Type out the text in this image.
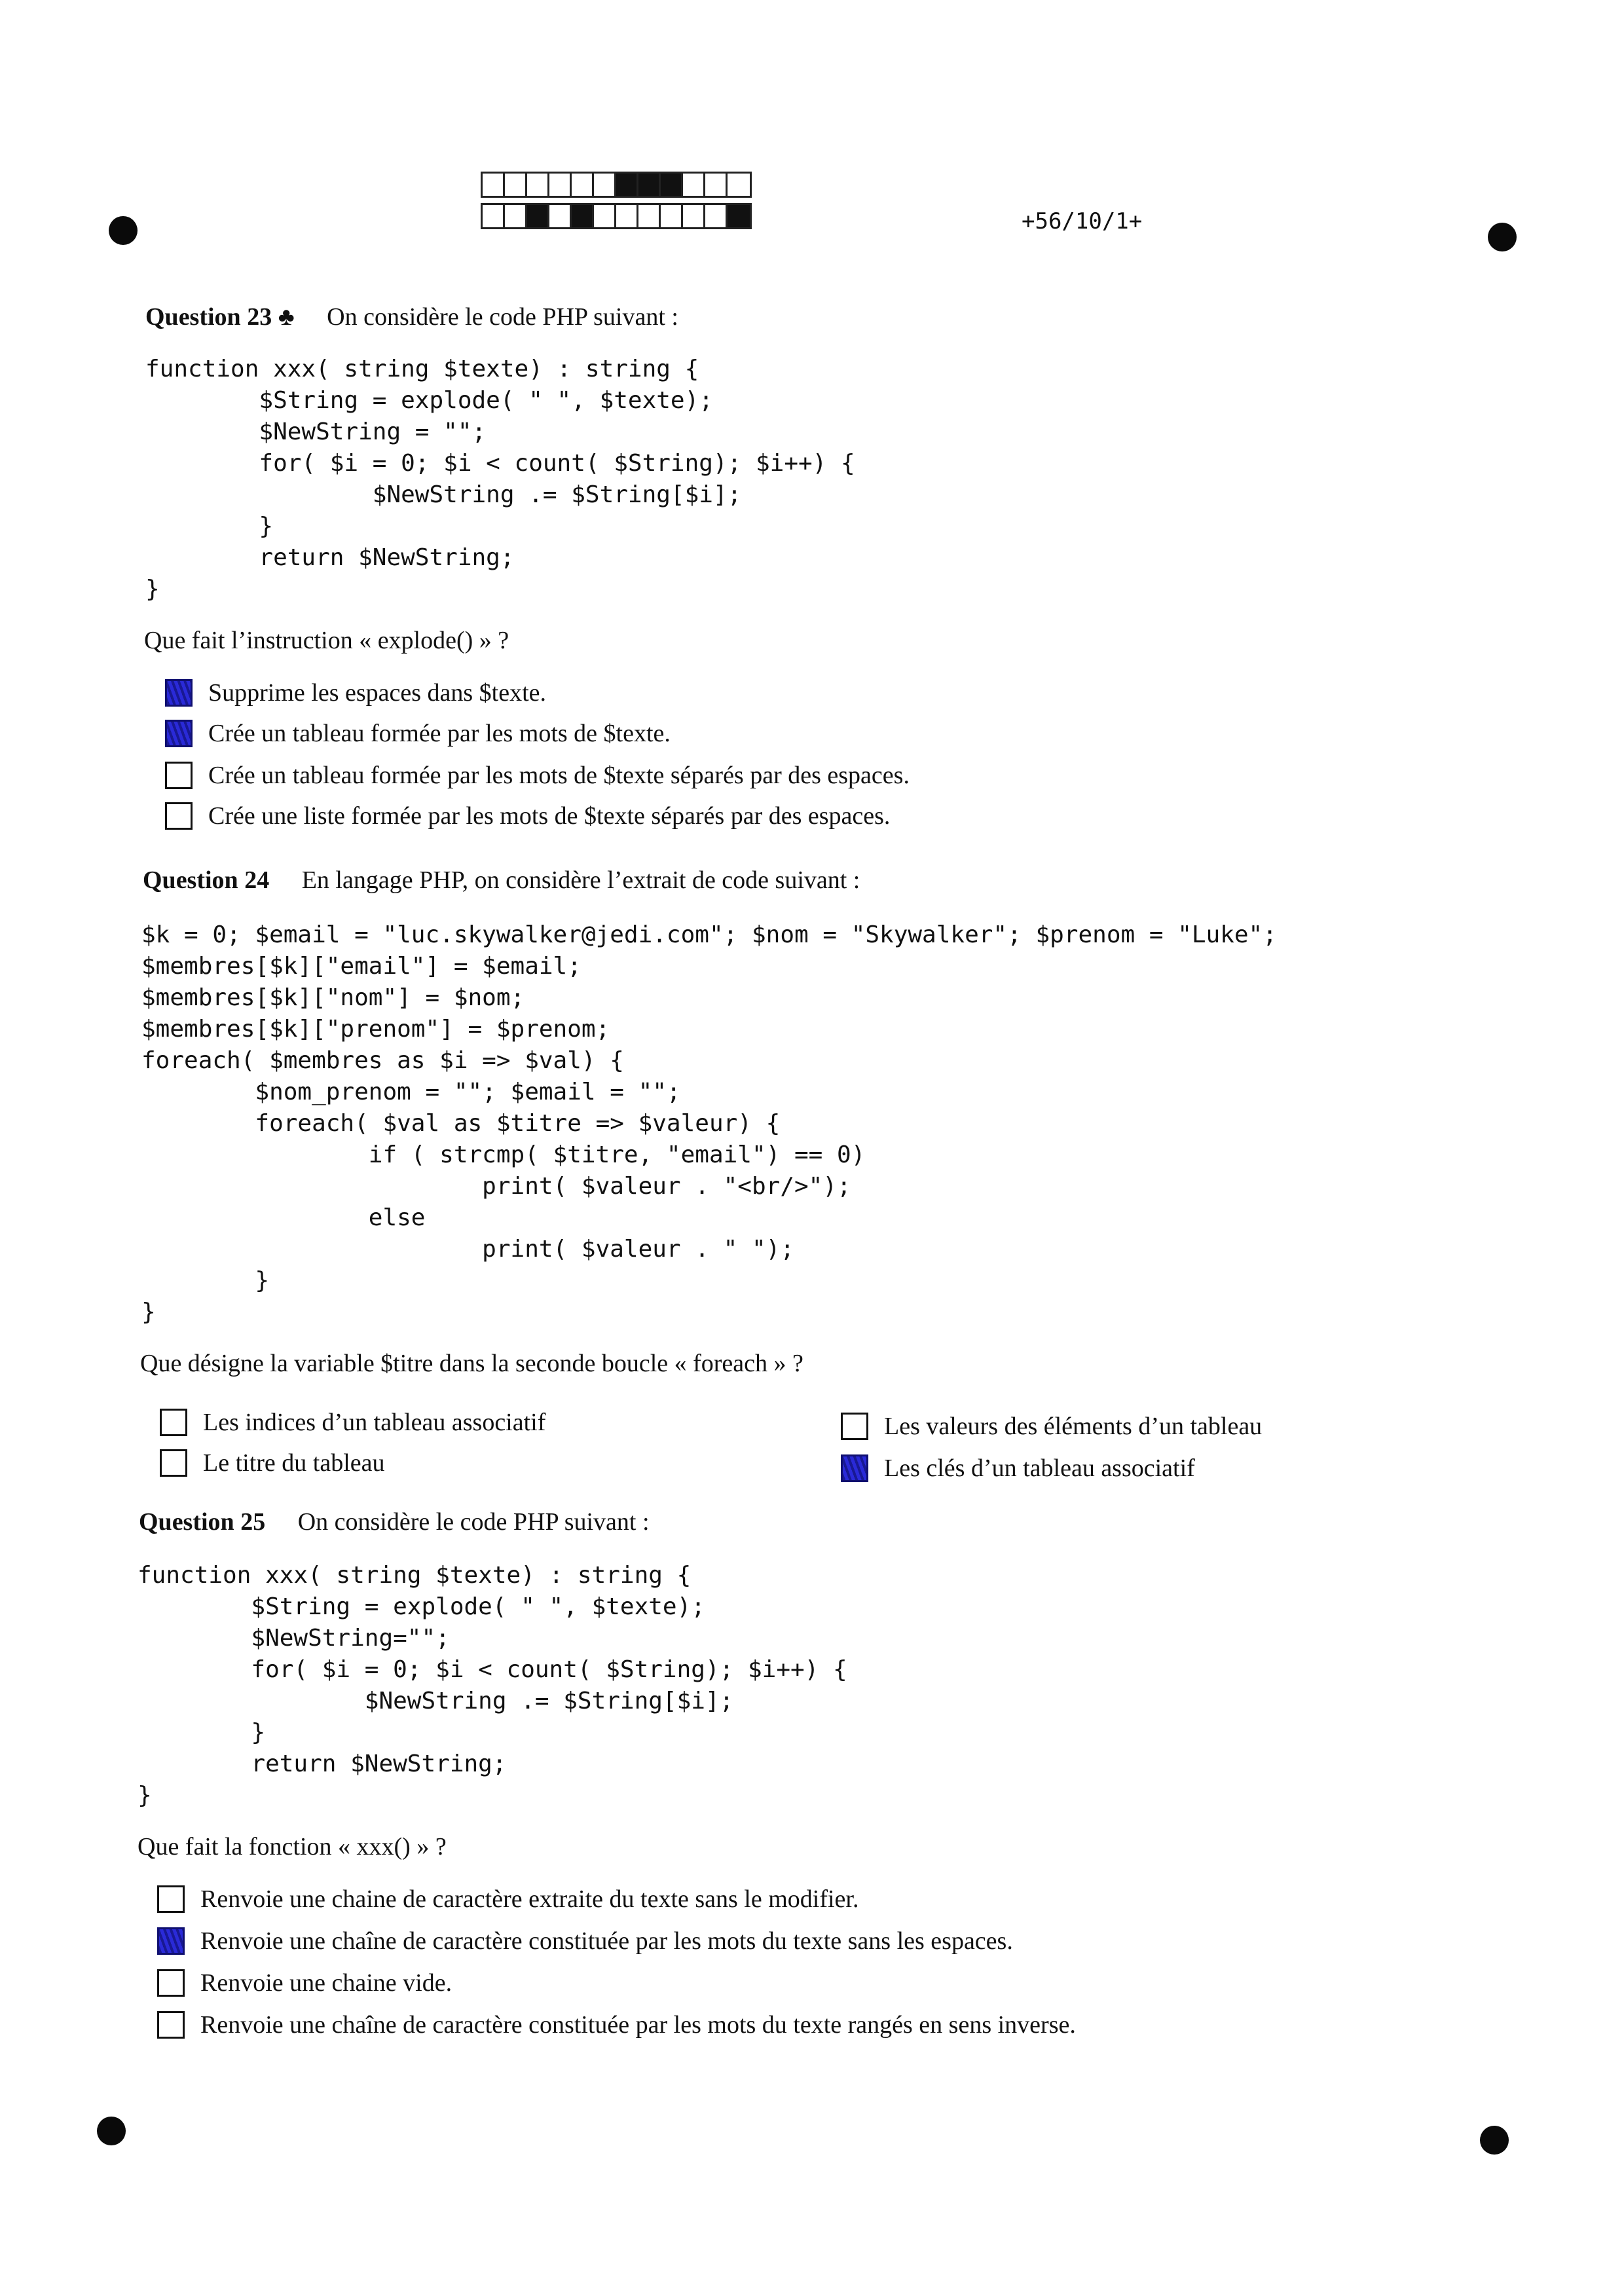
+56/10/1+
Question 23 ♣ On considère le code PHP suivant :
function xxx( string $texte) : string {
$String = explode( " ", $texte);
$NewString = "";
for( $i = 0; $i < count( $String); $i++) {
$NewString .= $String[$i];
}
return $NewString;
}
Que fait l’instruction « explode() » ?
Supprime les espaces dans $texte.
Crée un tableau formée par les mots de $texte.
Crée un tableau formée par les mots de $texte séparés par des espaces.
Crée une liste formée par les mots de $texte séparés par des espaces.
Question 24 En langage PHP, on considère l’extrait de code suivant :
$k = 0; $email = "luc.skywalker@jedi.com"; $nom = "Skywalker"; $prenom = "Luke";
$membres[$k]["email"] = $email;
$membres[$k]["nom"] = $nom;
$membres[$k]["prenom"] = $prenom;
foreach( $membres as $i => $val) {
$nom_prenom = ""; $email = "";
foreach( $val as $titre => $valeur) {
if ( strcmp( $titre, "email") == 0)
print( $valeur . "<br/>");
else
print( $valeur . " ");
}
}
Que désigne la variable $titre dans la seconde boucle « foreach » ?
Les indices d’un tableau associatif	Les valeurs des éléments d’un tableau
Le titre du tableau	Les clés d’un tableau associatif
Question 25 On considère le code PHP suivant :
function xxx( string $texte) : string {
$String = explode( " ", $texte);
$NewString="";
for( $i = 0; $i < count( $String); $i++) {
$NewString .= $String[$i];
}
return $NewString;
}
Que fait la fonction « xxx() » ?
Renvoie une chaine de caractère extraite du texte sans le modifier.
Renvoie une chaîne de caractère constituée par les mots du texte sans les espaces.
Renvoie une chaine vide.
Renvoie une chaîne de caractère constituée par les mots du texte rangés en sens inverse.
